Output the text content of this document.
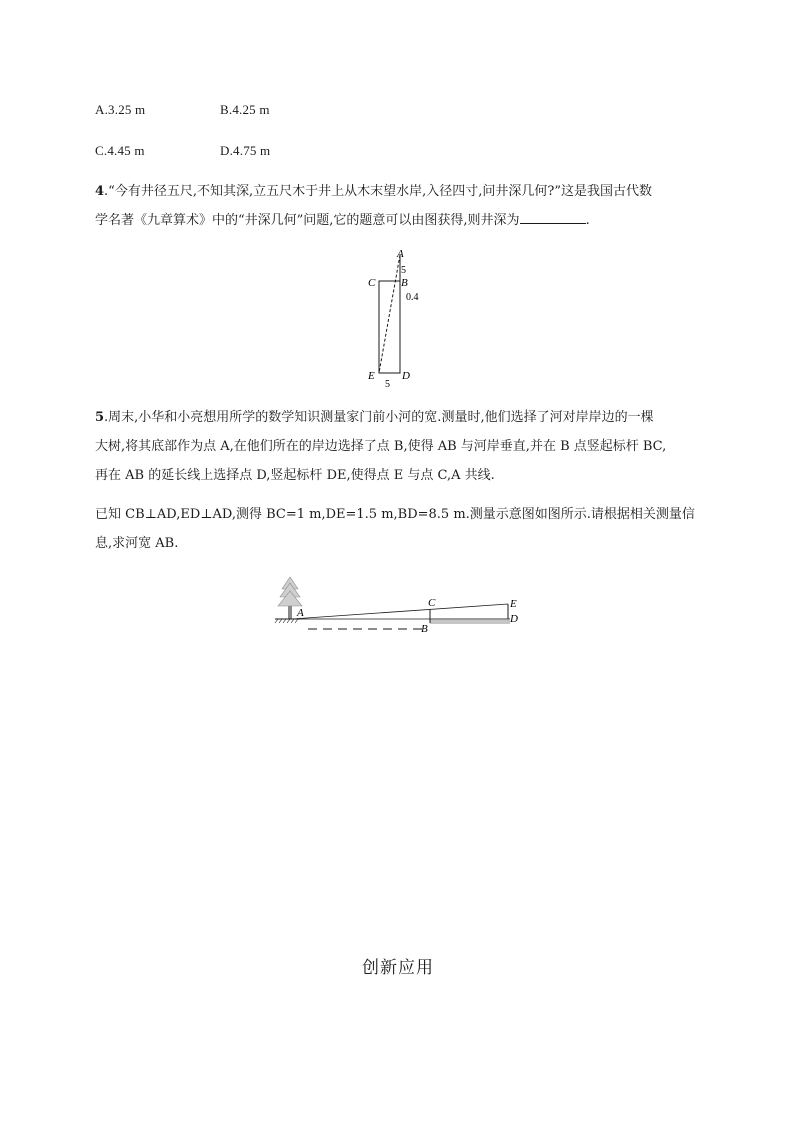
A.3.25 m	B.4.25 m
C.4.45 m	D.4.75 m
4.“今有井径五尺,不知其深,立五尺木于井上从木末望水岸,入径四寸,问井深几何?”这是我国古代数
学名著《九章算术》中的“井深几何”问题,它的题意可以由图获得,则井深为	.
A
5
C B
0.4
E D
5
5.周末,小华和小亮想用所学的数学知识测量家门前小河的宽.测量时,他们选择了河对岸岸边的一棵
大树,将其底部作为点 A,在他们所在的岸边选择了点 B,使得 AB 与河岸垂直,并在 B 点竖起标杆 BC,
再在 AB 的延长线上选择点 D,竖起标杆 DE,使得点 E 与点 C,A 共线.
已知 CB⊥AD,ED⊥AD,测得 BC=1 m,DE=1.5 m,BD=8.5 m.测量示意图如图所示.请根据相关测量信
息,求河宽 AB.
A
C
B
E
D
创新应用
